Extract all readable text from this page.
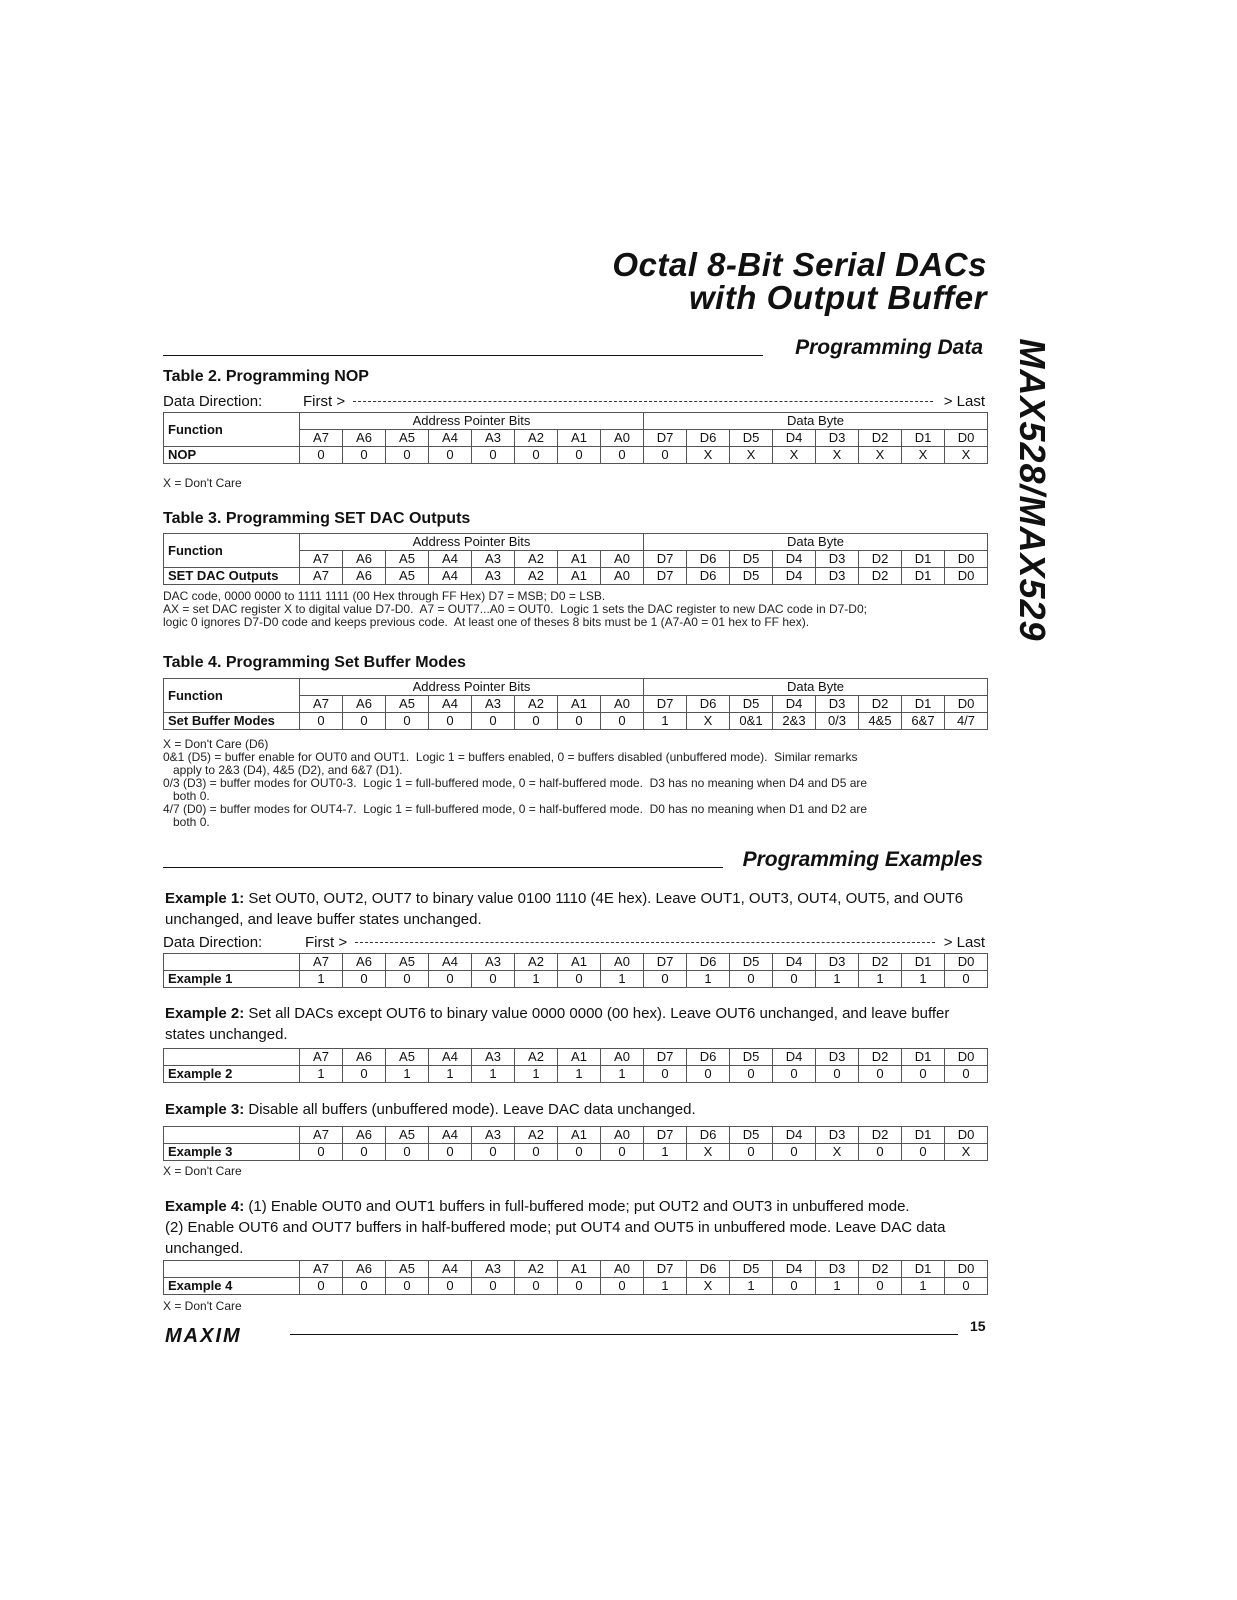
Octal 8-Bit Serial DACs
with Output Buffer
MAX528/MAX529
Programming Data
Table 2. Programming NOP
Data Direction:	First >	> Last
Function	Address Pointer Bits								Data Byte							
	A7	A6	A5	A4	A3	A2	A1	A0	D7	D6	D5	D4	D3	D2	D1	D0
NOP	0	0	0	0	0	0	0	0	0	X	X	X	X	X	X	X
X = Don't Care
Table 3. Programming SET DAC Outputs
Function	Address Pointer Bits								Data Byte							
	A7	A6	A5	A4	A3	A2	A1	A0	D7	D6	D5	D4	D3	D2	D1	D0
SET DAC Outputs	A7	A6	A5	A4	A3	A2	A1	A0	D7	D6	D5	D4	D3	D2	D1	D0
DAC code, 0000 0000 to 1111 1111 (00 Hex through FF Hex) D7 = MSB; D0 = LSB.
AX = set DAC register X to digital value D7-D0.  A7 = OUT7...A0 = OUT0.  Logic 1 sets the DAC register to new DAC code in D7-D0;
logic 0 ignores D7-D0 code and keeps previous code.  At least one of theses 8 bits must be 1 (A7-A0 = 01 hex to FF hex).
Table 4. Programming Set Buffer Modes
Function	Address Pointer Bits								Data Byte							
	A7	A6	A5	A4	A3	A2	A1	A0	D7	D6	D5	D4	D3	D2	D1	D0
Set Buffer Modes	0	0	0	0	0	0	0	0	1	X	0&1	2&3	0/3	4&5	6&7	4/7
X = Don't Care (D6)
0&1 (D5) = buffer enable for OUT0 and OUT1.  Logic 1 = buffers enabled, 0 = buffers disabled (unbuffered mode).  Similar remarks
apply to 2&3 (D4), 4&5 (D2), and 6&7 (D1).
0/3 (D3) = buffer modes for OUT0-3.  Logic 1 = full-buffered mode, 0 = half-buffered mode.  D3 has no meaning when D4 and D5 are
both 0.
4/7 (D0) = buffer modes for OUT4-7.  Logic 1 = full-buffered mode, 0 = half-buffered mode.  D0 has no meaning when D1 and D2 are
both 0.
Programming Examples
Example 1: Set OUT0, OUT2, OUT7 to binary value 0100 1110 (4E hex). Leave OUT1, OUT3, OUT4, OUT5, and OUT6 unchanged, and leave buffer states unchanged.
Data Direction:	First >	> Last
	A7	A6	A5	A4	A3	A2	A1	A0	D7	D6	D5	D4	D3	D2	D1	D0
Example 1	1	0	0	0	0	1	0	1	0	1	0	0	1	1	1	0
Example 2: Set all DACs except OUT6 to binary value 0000 0000 (00 hex). Leave OUT6 unchanged, and leave buffer states unchanged.
	A7	A6	A5	A4	A3	A2	A1	A0	D7	D6	D5	D4	D3	D2	D1	D0
Example 2	1	0	1	1	1	1	1	1	0	0	0	0	0	0	0	0
Example 3: Disable all buffers (unbuffered mode). Leave DAC data unchanged.
	A7	A6	A5	A4	A3	A2	A1	A0	D7	D6	D5	D4	D3	D2	D1	D0
Example 3	0	0	0	0	0	0	0	0	1	X	0	0	X	0	0	X
X = Don't Care
Example 4: (1) Enable OUT0 and OUT1 buffers in full-buffered mode; put OUT2 and OUT3 in unbuffered mode.
(2) Enable OUT6 and OUT7 buffers in half-buffered mode; put OUT4 and OUT5 in unbuffered mode. Leave DAC data unchanged.
	A7	A6	A5	A4	A3	A2	A1	A0	D7	D6	D5	D4	D3	D2	D1	D0
Example 4	0	0	0	0	0	0	0	0	1	X	1	0	1	0	1	0
X = Don't Care
MAXIM	15
